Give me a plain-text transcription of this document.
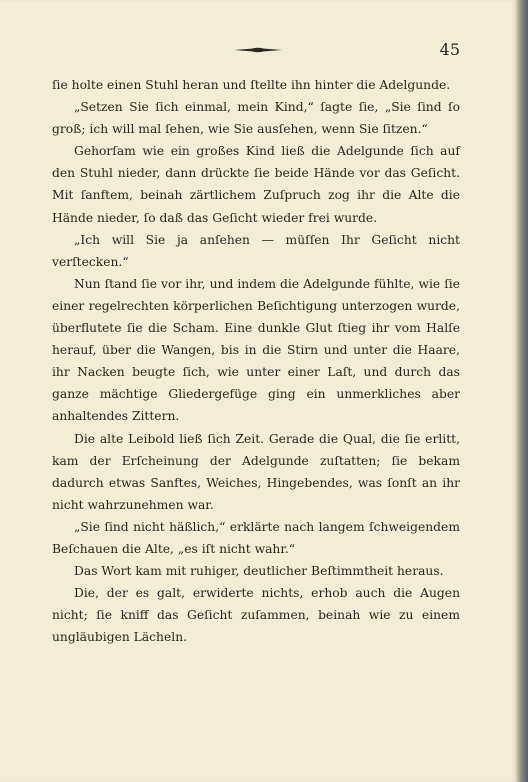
45

ſie holte einen Stuhl heran und ſtellte ihn hinter die Adelgunde.

„Setzen Sie ſich einmal, mein Kind,“ ſagte ſie, „Sie ſind ſo groß; ich will mal ſehen, wie Sie ausſehen, wenn Sie ſitzen.“

Gehorſam wie ein großes Kind ließ die Adelgunde ſich auf den Stuhl nieder, dann drückte ſie beide Hände vor das Geſicht. Mit ſanftem, beinah zärtlichem Zuſpruch zog ihr die Alte die Hände nieder, ſo daß das Geſicht wieder frei wurde.

„Ich will Sie ja anſehen — müſſen Ihr Geſicht nicht verſtecken.“

Nun ſtand ſie vor ihr, und indem die Adelgunde fühlte, wie ſie einer regelrechten körperlichen Beſichtigung unterzogen wurde, überflutete ſie die Scham. Eine dunkle Glut ſtieg ihr vom Halſe herauf, über die Wangen, bis in die Stirn und unter die Haare, ihr Nacken beugte ſich, wie unter einer Laſt, und durch das ganze mächtige Gliedergefüge ging ein unmerkliches aber anhaltendes Zittern.

Die alte Leibold ließ ſich Zeit. Gerade die Qual, die ſie erlitt, kam der Erſcheinung der Adelgunde zuſtatten; ſie bekam dadurch etwas Sanftes, Weiches, Hingebendes, was ſonſt an ihr nicht wahrzunehmen war.

„Sie ſind nicht häßlich,“ erklärte nach langem ſchweigendem Beſchauen die Alte, „es iſt nicht wahr.“

Das Wort kam mit ruhiger, deutlicher Beſtimmtheit heraus.

Die, der es galt, erwiderte nichts, erhob auch die Augen nicht; ſie kniff das Geſicht zuſammen, beinah wie zu einem ungläubigen Lächeln.
